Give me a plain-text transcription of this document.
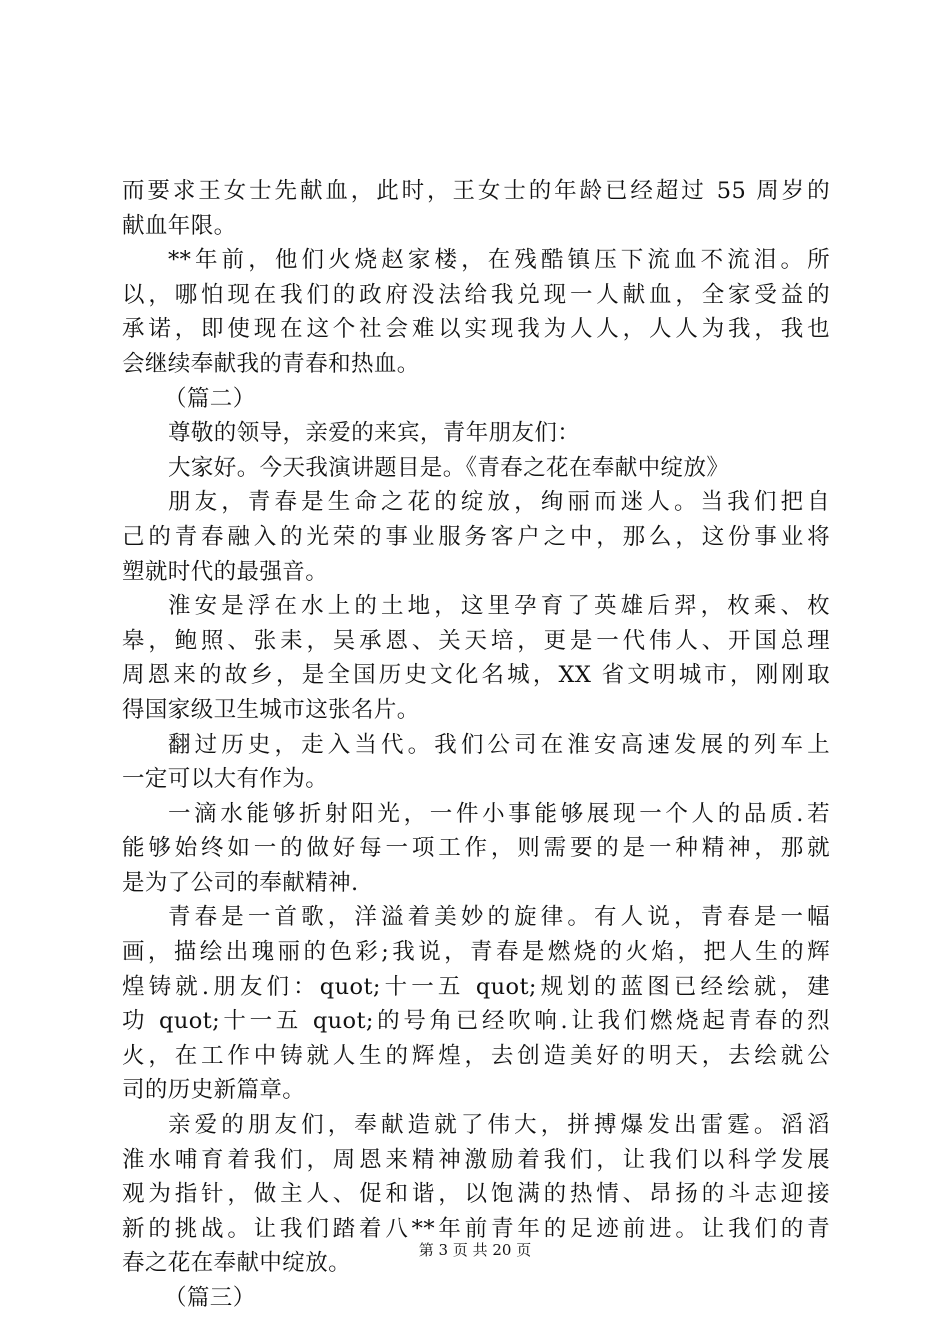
而要求王女士先献血，此时，王女士的年龄已经超过 55 周岁的
献血年限。
**年前，他们火烧赵家楼，在残酷镇压下流血不流泪。所
以，哪怕现在我们的政府没法给我兑现一人献血，全家受益的
承诺，即使现在这个社会难以实现我为人人，人人为我，我也
会继续奉献我的青春和热血。
（篇二）
尊敬的领导，亲爱的来宾，青年朋友们：
大家好。今天我演讲题目是。《青春之花在奉献中绽放》
朋友，青春是生命之花的绽放，绚丽而迷人。当我们把自
己的青春融入的光荣的事业服务客户之中，那么，这份事业将
塑就时代的最强音。
淮安是浮在水上的土地，这里孕育了英雄后羿，枚乘、枚
皋，鲍照、张耒，吴承恩、关天培，更是一代伟人、开国总理
周恩来的故乡，是全国历史文化名城，XX 省文明城市，刚刚取
得国家级卫生城市这张名片。
翻过历史，走入当代。我们公司在淮安高速发展的列车上
一定可以大有作为。
一滴水能够折射阳光，一件小事能够展现一个人的品质.若
能够始终如一的做好每一项工作，则需要的是一种精神，那就
是为了公司的奉献精神.
青春是一首歌，洋溢着美妙的旋律。有人说，青春是一幅
画，描绘出瑰丽的色彩;我说，青春是燃烧的火焰，把人生的辉
煌铸就.朋友们：quot;十一五 quot;规划的蓝图已经绘就，建
功 quot;十一五 quot;的号角已经吹响.让我们燃烧起青春的烈
火，在工作中铸就人生的辉煌，去创造美好的明天，去绘就公
司的历史新篇章。
亲爱的朋友们，奉献造就了伟大，拼搏爆发出雷霆。滔滔
淮水哺育着我们，周恩来精神激励着我们，让我们以科学发展
观为指针，做主人、促和谐，以饱满的热情、昂扬的斗志迎接
新的挑战。让我们踏着八**年前青年的足迹前进。让我们的青
春之花在奉献中绽放。
（篇三）
第 3 页 共 20 页
